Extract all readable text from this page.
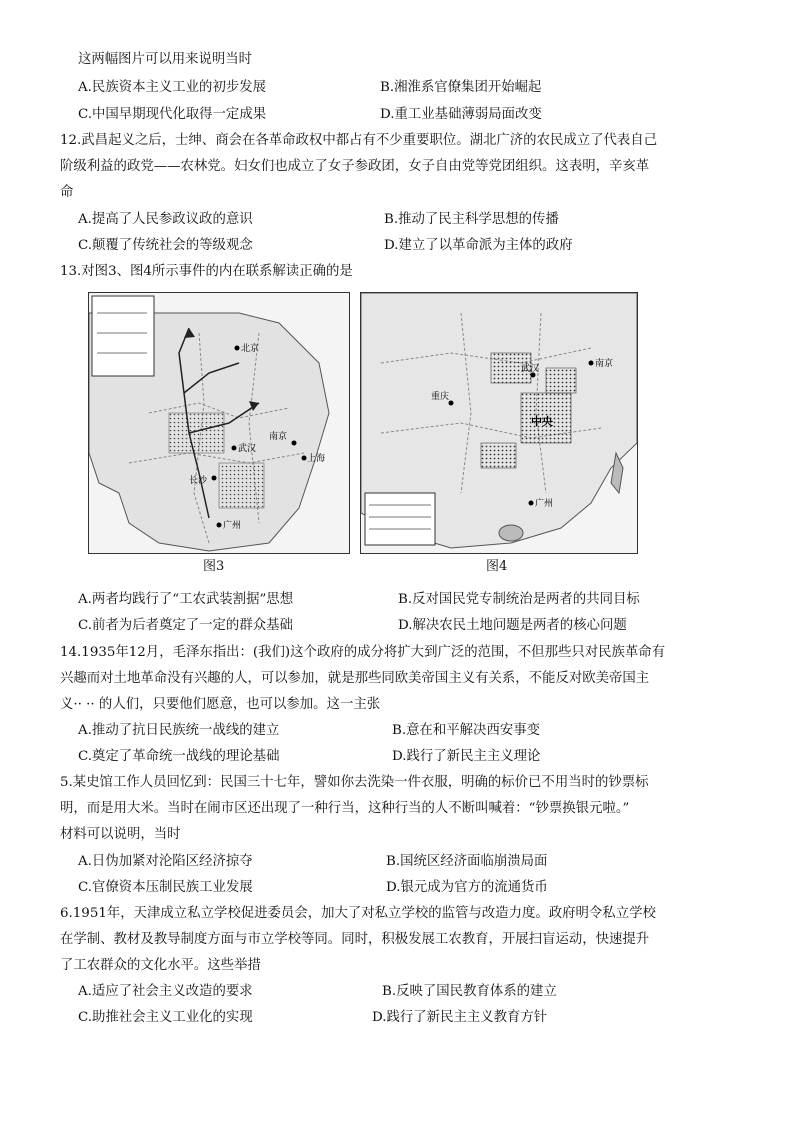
这两幅图片可以用来说明当时
A.民族资本主义工业的初步发展	B.湘淮系官僚集团开始崛起
C.中国早期现代化取得一定成果	D.重工业基础薄弱局面改变
12.武昌起义之后，士绅、商会在各革命政权中都占有不少重要职位。湖北广济的农民成立了代表自己
阶级利益的政党——农林党。妇女们也成立了女子参政团，女子自由党等党团组织。这表明，辛亥革
命
A.提高了人民参政议政的意识	B.推动了民主科学思想的传播
C.颠覆了传统社会的等级观念	D.建立了以革命派为主体的政府
13.对图3、图4所示事件的内在联系解读正确的是
北京
南京
上海
武汉
长沙
广州
图3
南京
武汉
中央
重庆
广州
图4
A.两者均践行了“工农武装割据”思想	B.反对国民党专制统治是两者的共同目标
C.前者为后者奠定了一定的群众基础	D.解决农民土地问题是两者的核心问题
14.1935年12月，毛泽东指出：(我们)这个政府的成分将扩大到广泛的范围，不但那些只对民族革命有
兴趣而对土地革命没有兴趣的人，可以参加，就是那些同欧美帝国主义有关系，不能反对欧美帝国主
义·· ·· 的人们，只要他们愿意，也可以参加。这一主张
A.推动了抗日民族统一战线的建立	B.意在和平解决西安事变
C.奠定了革命统一战线的理论基础	D.践行了新民主主义理论
5.某史馆工作人员回忆到：民国三十七年，譬如你去洗染一件衣服，明确的标价已不用当时的钞票标
明，而是用大米。当时在闹市区还出现了一种行当，这种行当的人不断叫喊着：“钞票换银元啦。”
材料可以说明，当时
A.日伪加紧对沦陷区经济掠夺	B.国统区经济面临崩溃局面
C.官僚资本压制民族工业发展	D.银元成为官方的流通货币
6.1951年，天津成立私立学校促进委员会，加大了对私立学校的监管与改造力度。政府明令私立学校
在学制、教材及教导制度方面与市立学校等同。同时，积极发展工农教育，开展扫盲运动，快速提升
了工农群众的文化水平。这些举措
A.适应了社会主义改造的要求	B.反映了国民教育体系的建立
C.助推社会主义工业化的实现	D.践行了新民主主义教育方针
